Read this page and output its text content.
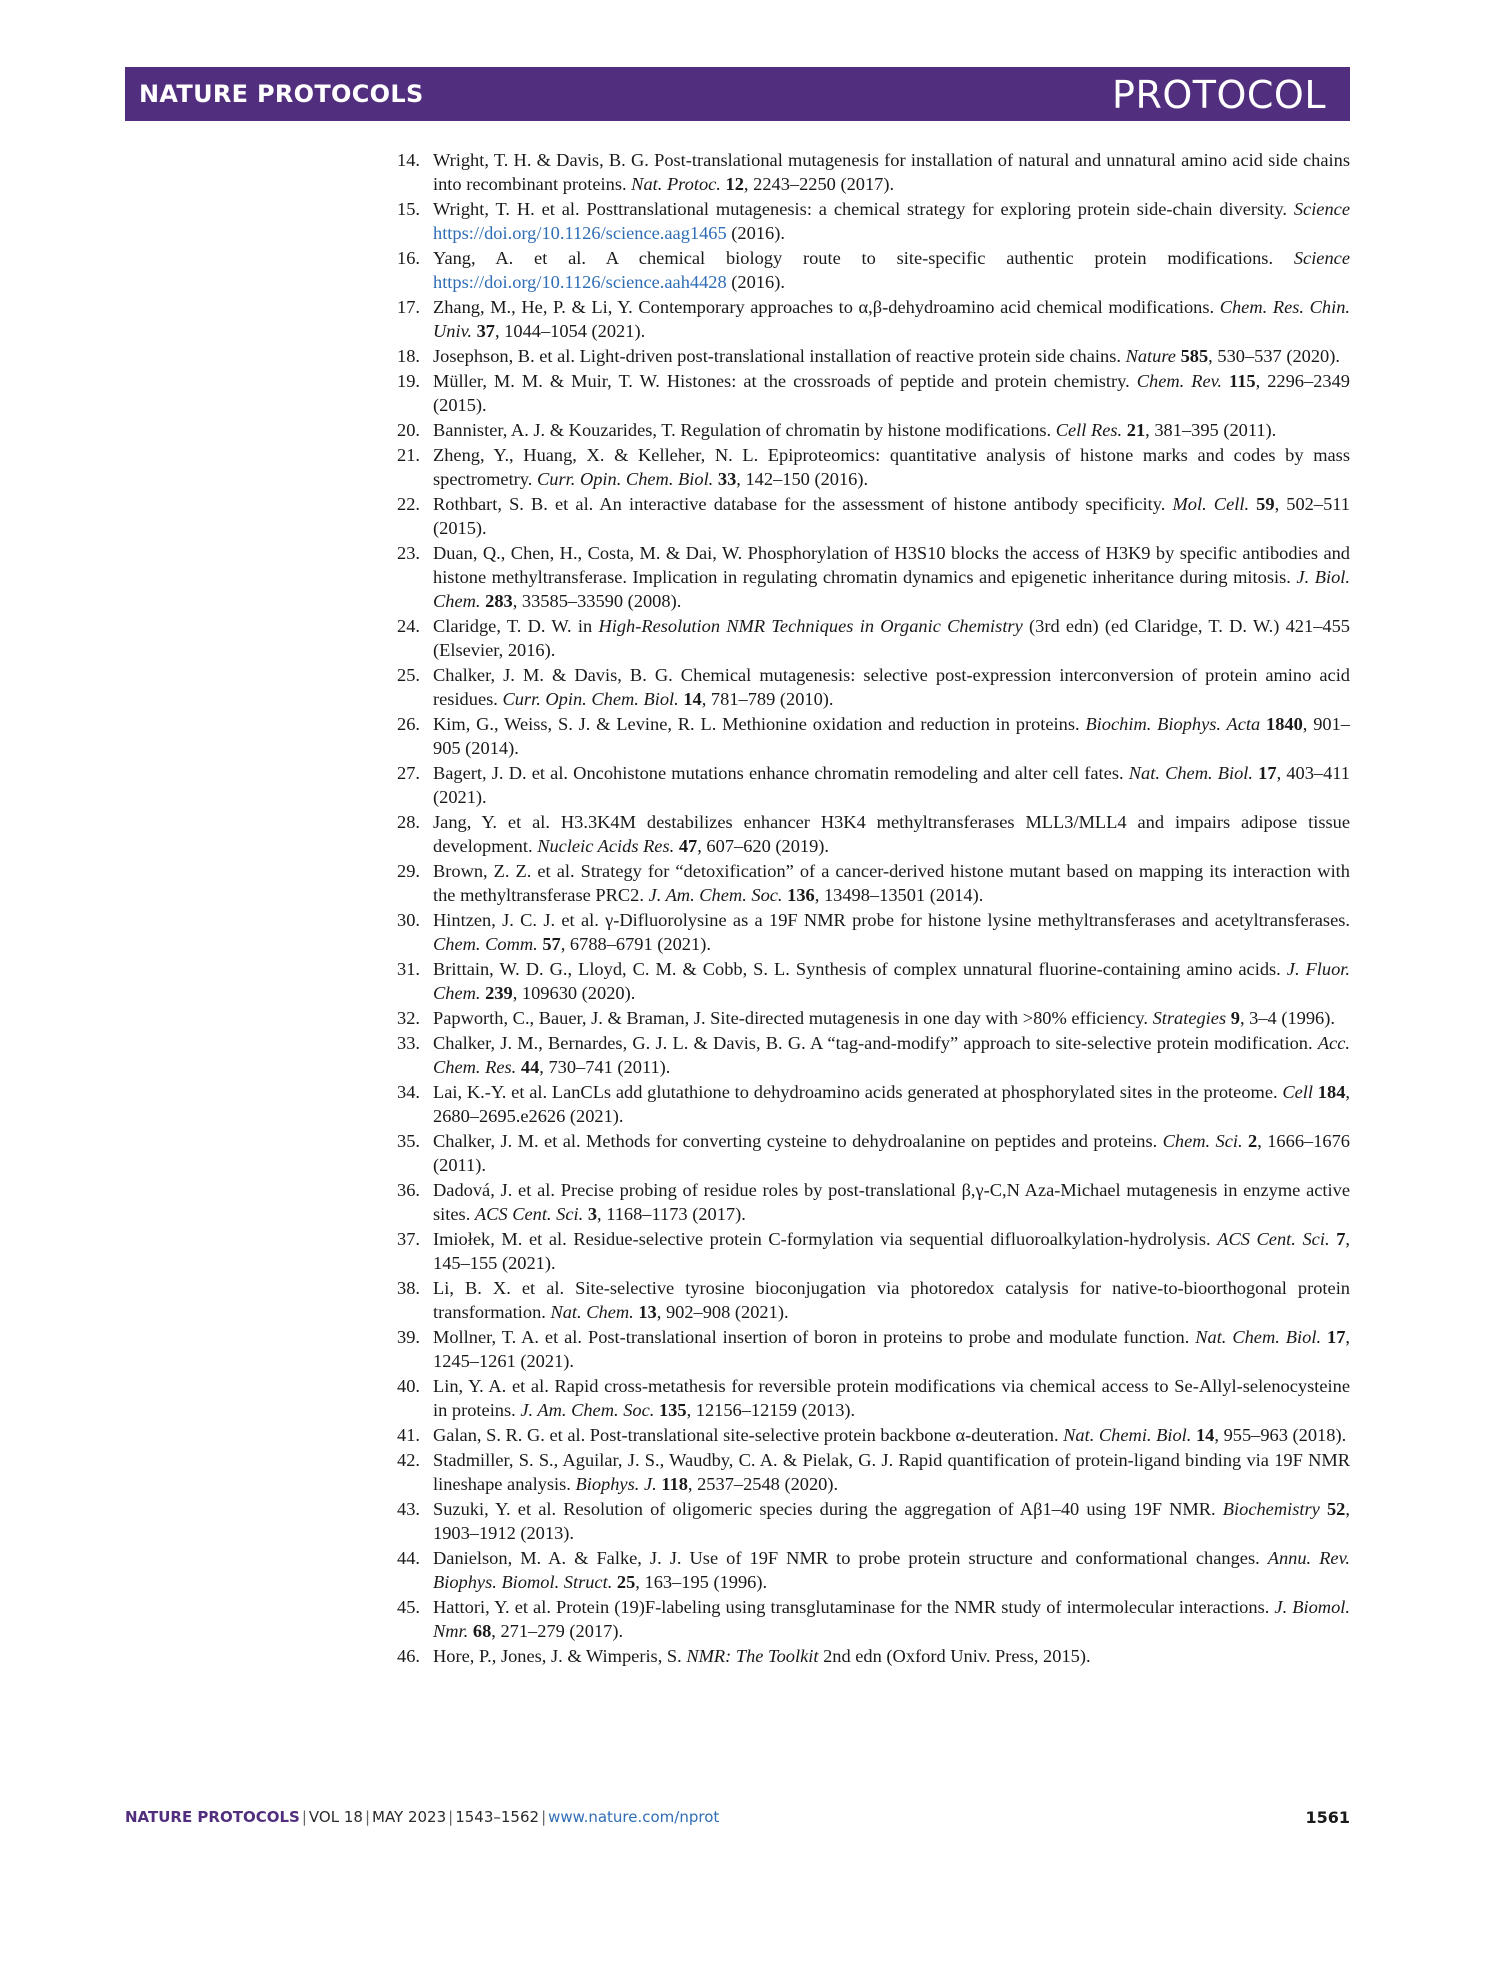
NATURE PROTOCOLS	PROTOCOL
14. Wright, T. H. & Davis, B. G. Post-translational mutagenesis for installation of natural and unnatural amino acid side chains into recombinant proteins. Nat. Protoc. 12, 2243–2250 (2017).
15. Wright, T. H. et al. Posttranslational mutagenesis: a chemical strategy for exploring protein side-chain diversity. Science https://doi.org/10.1126/science.aag1465 (2016).
16. Yang, A. et al. A chemical biology route to site-specific authentic protein modifications. Science https://doi.org/10.1126/science.aah4428 (2016).
17. Zhang, M., He, P. & Li, Y. Contemporary approaches to α,β-dehydroamino acid chemical modifications. Chem. Res. Chin. Univ. 37, 1044–1054 (2021).
18. Josephson, B. et al. Light-driven post-translational installation of reactive protein side chains. Nature 585, 530–537 (2020).
19. Müller, M. M. & Muir, T. W. Histones: at the crossroads of peptide and protein chemistry. Chem. Rev. 115, 2296–2349 (2015).
20. Bannister, A. J. & Kouzarides, T. Regulation of chromatin by histone modifications. Cell Res. 21, 381–395 (2011).
21. Zheng, Y., Huang, X. & Kelleher, N. L. Epiproteomics: quantitative analysis of histone marks and codes by mass spectrometry. Curr. Opin. Chem. Biol. 33, 142–150 (2016).
22. Rothbart, S. B. et al. An interactive database for the assessment of histone antibody specificity. Mol. Cell. 59, 502–511 (2015).
23. Duan, Q., Chen, H., Costa, M. & Dai, W. Phosphorylation of H3S10 blocks the access of H3K9 by specific antibodies and histone methyltransferase. Implication in regulating chromatin dynamics and epigenetic inheritance during mitosis. J. Biol. Chem. 283, 33585–33590 (2008).
24. Claridge, T. D. W. in High-Resolution NMR Techniques in Organic Chemistry (3rd edn) (ed Claridge, T. D. W.) 421–455 (Elsevier, 2016).
25. Chalker, J. M. & Davis, B. G. Chemical mutagenesis: selective post-expression interconversion of protein amino acid residues. Curr. Opin. Chem. Biol. 14, 781–789 (2010).
26. Kim, G., Weiss, S. J. & Levine, R. L. Methionine oxidation and reduction in proteins. Biochim. Biophys. Acta 1840, 901–905 (2014).
27. Bagert, J. D. et al. Oncohistone mutations enhance chromatin remodeling and alter cell fates. Nat. Chem. Biol. 17, 403–411 (2021).
28. Jang, Y. et al. H3.3K4M destabilizes enhancer H3K4 methyltransferases MLL3/MLL4 and impairs adipose tissue development. Nucleic Acids Res. 47, 607–620 (2019).
29. Brown, Z. Z. et al. Strategy for “detoxification” of a cancer-derived histone mutant based on mapping its interaction with the methyltransferase PRC2. J. Am. Chem. Soc. 136, 13498–13501 (2014).
30. Hintzen, J. C. J. et al. γ-Difluorolysine as a 19F NMR probe for histone lysine methyltransferases and acetyltransferases. Chem. Comm. 57, 6788–6791 (2021).
31. Brittain, W. D. G., Lloyd, C. M. & Cobb, S. L. Synthesis of complex unnatural fluorine-containing amino acids. J. Fluor. Chem. 239, 109630 (2020).
32. Papworth, C., Bauer, J. & Braman, J. Site-directed mutagenesis in one day with >80% efficiency. Strategies 9, 3–4 (1996).
33. Chalker, J. M., Bernardes, G. J. L. & Davis, B. G. A “tag-and-modify” approach to site-selective protein modification. Acc. Chem. Res. 44, 730–741 (2011).
34. Lai, K.-Y. et al. LanCLs add glutathione to dehydroamino acids generated at phosphorylated sites in the proteome. Cell 184, 2680–2695.e2626 (2021).
35. Chalker, J. M. et al. Methods for converting cysteine to dehydroalanine on peptides and proteins. Chem. Sci. 2, 1666–1676 (2011).
36. Dadová, J. et al. Precise probing of residue roles by post-translational β,γ-C,N Aza-Michael mutagenesis in enzyme active sites. ACS Cent. Sci. 3, 1168–1173 (2017).
37. Imiołek, M. et al. Residue-selective protein C-formylation via sequential difluoroalkylation-hydrolysis. ACS Cent. Sci. 7, 145–155 (2021).
38. Li, B. X. et al. Site-selective tyrosine bioconjugation via photoredox catalysis for native-to-bioorthogonal protein transformation. Nat. Chem. 13, 902–908 (2021).
39. Mollner, T. A. et al. Post-translational insertion of boron in proteins to probe and modulate function. Nat. Chem. Biol. 17, 1245–1261 (2021).
40. Lin, Y. A. et al. Rapid cross-metathesis for reversible protein modifications via chemical access to Se-Allyl-selenocysteine in proteins. J. Am. Chem. Soc. 135, 12156–12159 (2013).
41. Galan, S. R. G. et al. Post-translational site-selective protein backbone α-deuteration. Nat. Chemi. Biol. 14, 955–963 (2018).
42. Stadmiller, S. S., Aguilar, J. S., Waudby, C. A. & Pielak, G. J. Rapid quantification of protein-ligand binding via 19F NMR lineshape analysis. Biophys. J. 118, 2537–2548 (2020).
43. Suzuki, Y. et al. Resolution of oligomeric species during the aggregation of Aβ1–40 using 19F NMR. Biochemistry 52, 1903–1912 (2013).
44. Danielson, M. A. & Falke, J. J. Use of 19F NMR to probe protein structure and conformational changes. Annu. Rev. Biophys. Biomol. Struct. 25, 163–195 (1996).
45. Hattori, Y. et al. Protein (19)F-labeling using transglutaminase for the NMR study of intermolecular interactions. J. Biomol. Nmr. 68, 271–279 (2017).
46. Hore, P., Jones, J. & Wimperis, S. NMR: The Toolkit 2nd edn (Oxford Univ. Press, 2015).
NATURE PROTOCOLS | VOL 18 | MAY 2023 | 1543–1562 | www.nature.com/nprot	1561
